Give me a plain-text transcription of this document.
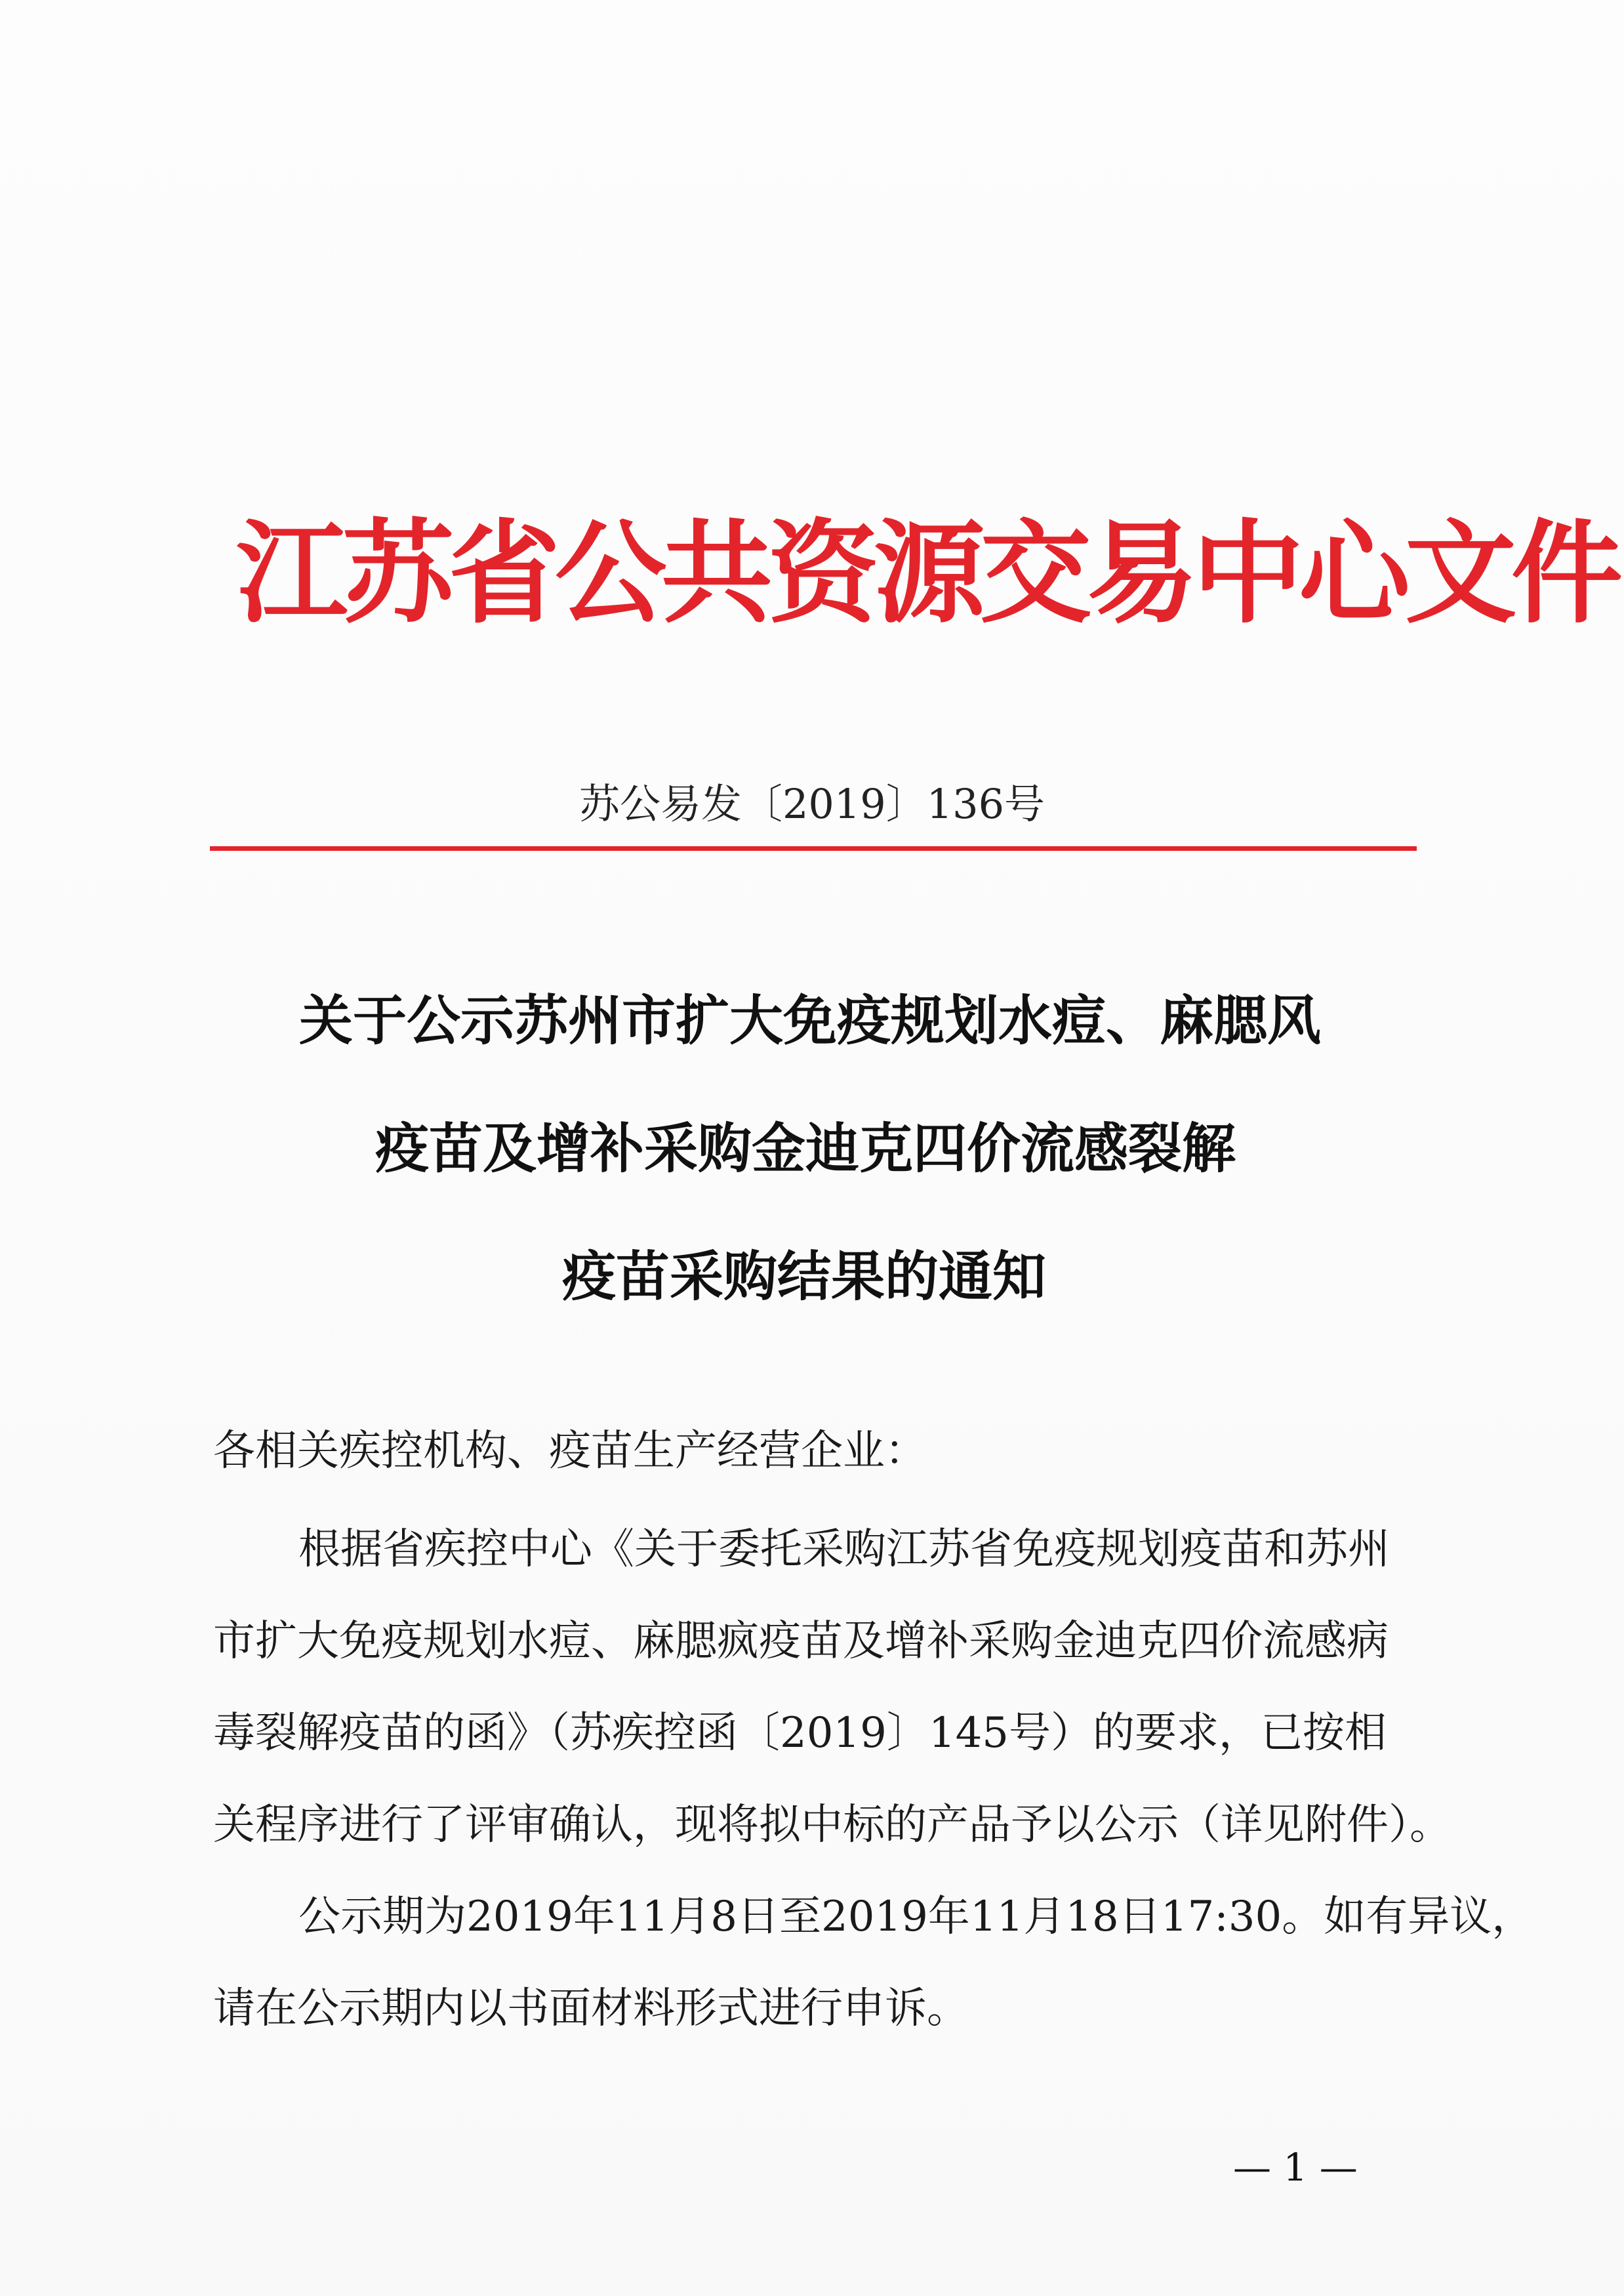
江苏省公共资源交易中心文件
苏公易发〔2019〕136号
关于公示苏州市扩大免疫规划水痘、麻腮风
疫苗及增补采购金迪克四价流感裂解
疫苗采购结果的通知
各相关疾控机构、疫苗生产经营企业：
根据省疾控中心《关于委托采购江苏省免疫规划疫苗和苏州
市扩大免疫规划水痘、麻腮疯疫苗及增补采购金迪克四价流感病
毒裂解疫苗的函》（苏疾控函〔2019〕145号）的要求，已按相
关程序进行了评审确认，现将拟中标的产品予以公示（详见附件）。
公示期为2019年11月8日至2019年11月18日17:30。如有异议，
请在公示期内以书面材料形式进行申诉。
— 1 —
